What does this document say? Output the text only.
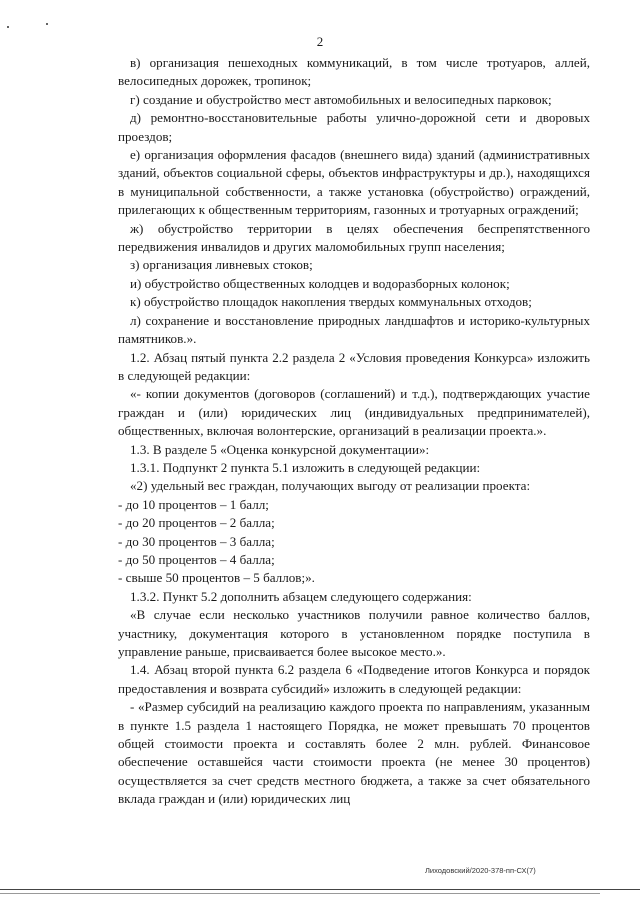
2

в) организация пешеходных коммуникаций, в том числе тротуаров, аллей, велосипедных дорожек, тропинок;

г) создание и обустройство мест автомобильных и велосипедных парковок;

д) ремонтно-восстановительные работы улично-дорожной сети и дворовых проездов;

е) организация оформления фасадов (внешнего вида) зданий (административных зданий, объектов социальной сферы, объектов инфраструктуры и др.), находящихся в муниципальной собственности, а также установка (обустройство) ограждений, прилегающих к общественным территориям, газонных и тротуарных ограждений;

ж) обустройство территории в целях обеспечения беспрепятственного передвижения инвалидов и других маломобильных групп населения;

з) организация ливневых стоков;

и) обустройство общественных колодцев и водоразборных колонок;

к) обустройство площадок накопления твердых коммунальных отходов;

л) сохранение и восстановление природных ландшафтов и историко-культурных памятников.».

1.2. Абзац пятый пункта 2.2 раздела 2 «Условия проведения Конкурса» изложить в следующей редакции:

«- копии документов (договоров (соглашений) и т.д.), подтверждающих участие граждан и (или) юридических лиц (индивидуальных предпринимателей), общественных, включая волонтерские, организаций в реализации проекта.».

1.3. В разделе 5 «Оценка конкурсной документации»:

1.3.1. Подпункт 2 пункта 5.1 изложить в следующей редакции:

«2) удельный вес граждан, получающих выгоду от реализации проекта:

- до 10 процентов – 1 балл;

- до 20 процентов – 2 балла;

- до 30 процентов – 3 балла;

- до 50 процентов – 4 балла;

- свыше 50 процентов – 5 баллов;».

1.3.2. Пункт 5.2 дополнить абзацем следующего содержания:

«В случае если несколько участников получили равное количество баллов, участнику, документация которого в установленном порядке поступила в управление раньше, присваивается более высокое место.».

1.4. Абзац второй пункта 6.2 раздела 6 «Подведение итогов Конкурса и порядок предоставления и возврата субсидий» изложить в следующей редакции:

- «Размер субсидий на реализацию каждого проекта по направлениям, указанным в пункте 1.5 раздела 1 настоящего Порядка, не может превышать 70 процентов общей стоимости проекта и составлять более 2 млн. рублей. Финансовое обеспечение оставшейся части стоимости проекта (не менее 30 процентов) осуществляется за счет средств местного бюджета, а также за счет обязательного вклада граждан и (или) юридических лиц

Лиходовский/2020-378-пп-СХ(7)
